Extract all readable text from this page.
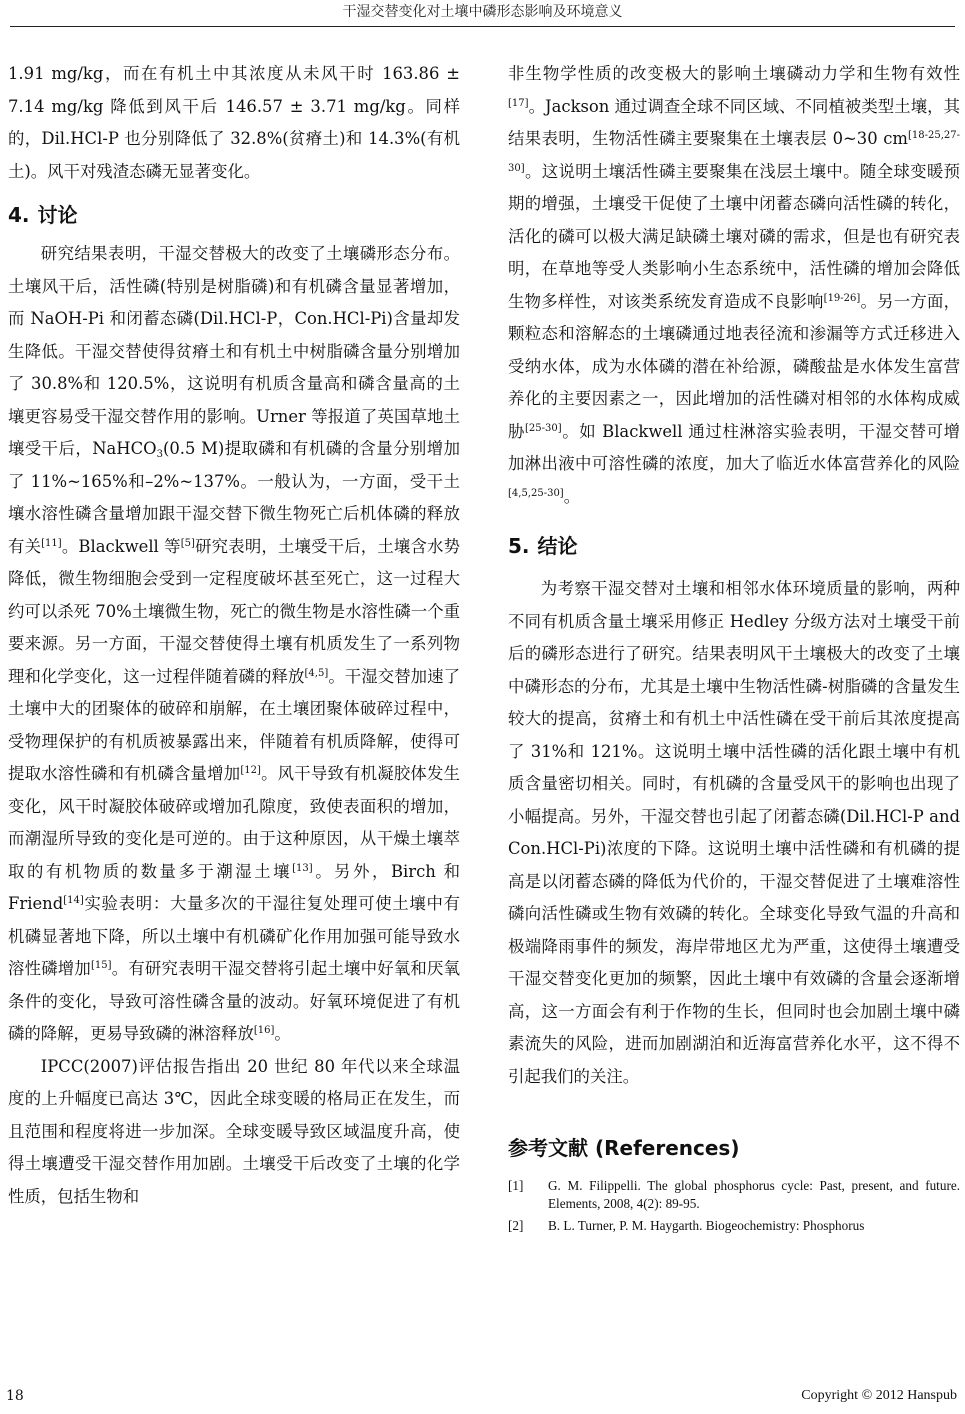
干湿交替变化对土壤中磷形态影响及环境意义

1.91 mg/kg，而在有机土中其浓度从未风干时 163.86 ± 7.14 mg/kg 降低到风干后 146.57 ± 3.71 mg/kg。同样的，Dil.HCl-P 也分别降低了 32.8%(贫瘠土)和 14.3%(有机土)。风干对残渣态磷无显著变化。

4. 讨论

研究结果表明，干湿交替极大的改变了土壤磷形态分布。土壤风干后，活性磷(特别是树脂磷)和有机磷含量显著增加，而 NaOH-Pi 和闭蓄态磷(Dil.HCl-P，Con.HCl-Pi)含量却发生降低。干湿交替使得贫瘠土和有机土中树脂磷含量分别增加了 30.8%和 120.5%，这说明有机质含量高和磷含量高的土壤更容易受干湿交替作用的影响。Urner 等报道了英国草地土壤受干后，NaHCO$_3$(0.5 M)提取磷和有机磷的含量分别增加了 11%~165%和–2%~137%。一般认为，一方面，受干土壤水溶性磷含量增加跟干湿交替下微生物死亡后机体磷的释放有关[11]。Blackwell 等[5]研究表明，土壤受干后，土壤含水势降低，微生物细胞会受到一定程度破坏甚至死亡，这一过程大约可以杀死 70%土壤微生物，死亡的微生物是水溶性磷一个重要来源。另一方面，干湿交替使得土壤有机质发生了一系列物理和化学变化，这一过程伴随着磷的释放[4,5]。干湿交替加速了土壤中大的团聚体的破碎和崩解，在土壤团聚体破碎过程中，受物理保护的有机质被暴露出来，伴随着有机质降解，使得可提取水溶性磷和有机磷含量增加[12]。风干导致有机凝胶体发生变化，风干时凝胶体破碎或增加孔隙度，致使表面积的增加，而潮湿所导致的变化是可逆的。由于这种原因，从干燥土壤萃取的有机物质的数量多于潮湿土壤[13]。另外，Birch 和 Friend[14]实验表明：大量多次的干湿往复处理可使土壤中有机磷显著地下降，所以土壤中有机磷矿化作用加强可能导致水溶性磷增加[15]。有研究表明干湿交替将引起土壤中好氧和厌氧条件的变化，导致可溶性磷含量的波动。好氧环境促进了有机磷的降解，更易导致磷的淋溶释放[16]。

IPCC(2007)评估报告指出 20 世纪 80 年代以来全球温度的上升幅度已高达 3℃，因此全球变暖的格局正在发生，而且范围和程度将进一步加深。全球变暖导致区域温度升高，使得土壤遭受干湿交替作用加剧。土壤受干后改变了土壤的化学性质，包括生物和

非生物学性质的改变极大的影响土壤磷动力学和生物有效性[17]。Jackson 通过调查全球不同区域、不同植被类型土壤，其结果表明，生物活性磷主要聚集在土壤表层 0~30 cm[18-25,27-30]。这说明土壤活性磷主要聚集在浅层土壤中。随全球变暖预期的增强，土壤受干促使了土壤中闭蓄态磷向活性磷的转化，活化的磷可以极大满足缺磷土壤对磷的需求，但是也有研究表明，在草地等受人类影响小生态系统中，活性磷的增加会降低生物多样性，对该类系统发育造成不良影响[19-26]。另一方面，颗粒态和溶解态的土壤磷通过地表径流和渗漏等方式迁移进入受纳水体，成为水体磷的潜在补给源，磷酸盐是水体发生富营养化的主要因素之一，因此增加的活性磷对相邻的水体构成威胁[25-30]。如 Blackwell 通过柱淋溶实验表明，干湿交替可增加淋出液中可溶性磷的浓度，加大了临近水体富营养化的风险[4,5,25-30]。

5. 结论

为考察干湿交替对土壤和相邻水体环境质量的影响，两种不同有机质含量土壤采用修正 Hedley 分级方法对土壤受干前后的磷形态进行了研究。结果表明风干土壤极大的改变了土壤中磷形态的分布，尤其是土壤中生物活性磷-树脂磷的含量发生较大的提高，贫瘠土和有机土中活性磷在受干前后其浓度提高了 31%和 121%。这说明土壤中活性磷的活化跟土壤中有机质含量密切相关。同时，有机磷的含量受风干的影响也出现了小幅提高。另外，干湿交替也引起了闭蓄态磷(Dil.HCl-P and Con.HCl-Pi)浓度的下降。这说明土壤中活性磷和有机磷的提高是以闭蓄态磷的降低为代价的，干湿交替促进了土壤难溶性磷向活性磷或生物有效磷的转化。全球变化导致气温的升高和极端降雨事件的频发，海岸带地区尤为严重，这使得土壤遭受干湿交替变化更加的频繁，因此土壤中有效磷的含量会逐渐增高，这一方面会有利于作物的生长，但同时也会加剧土壤中磷素流失的风险，进而加剧湖泊和近海富营养化水平，这不得不引起我们的关注。

参考文献 (References)
[1]	G. M. Filippelli. The global phosphorus cycle: Past, present, and future. Elements, 2008, 4(2): 89-95.
[2]	B. L. Turner, P. M. Haygarth. Biogeochemistry: Phosphorus
18	Copyright © 2012 Hanspub
